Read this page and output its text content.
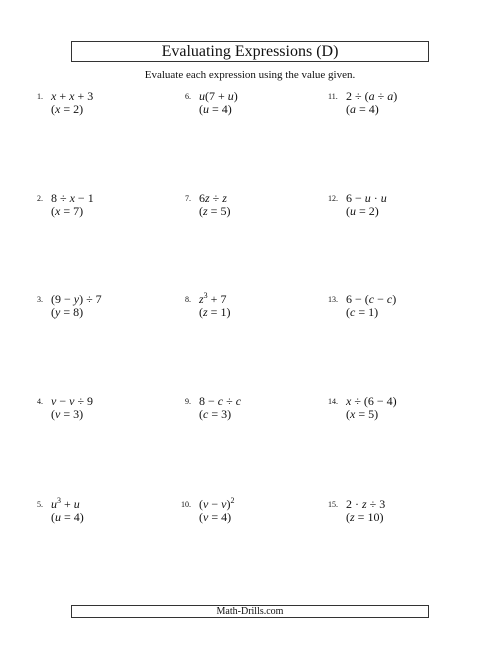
Evaluating Expressions (D)
Evaluate each expression using the value given.
1. x + x + 3
(x = 2)
2. 8 ÷ x − 1
(x = 7)
3. (9 − y) ÷ 7
(y = 8)
4. v − v ÷ 9
(v = 3)
5. $u^3 + u$
(u = 4)
6. u(7 + u)
(u = 4)
7. 6z ÷ z
(z = 5)
8. $z^3 + 7$
(z = 1)
9. 8 − c ÷ c
(c = 3)
10. $(v - v)^2$
(v = 4)
11. 2 ÷ (a ÷ a)
(a = 4)
12. 6 − u · u
(u = 2)
13. 6 − (c − c)
(c = 1)
14. x ÷ (6 − 4)
(x = 5)
15. 2 · z ÷ 3
(z = 10)
Math-Drills.com
